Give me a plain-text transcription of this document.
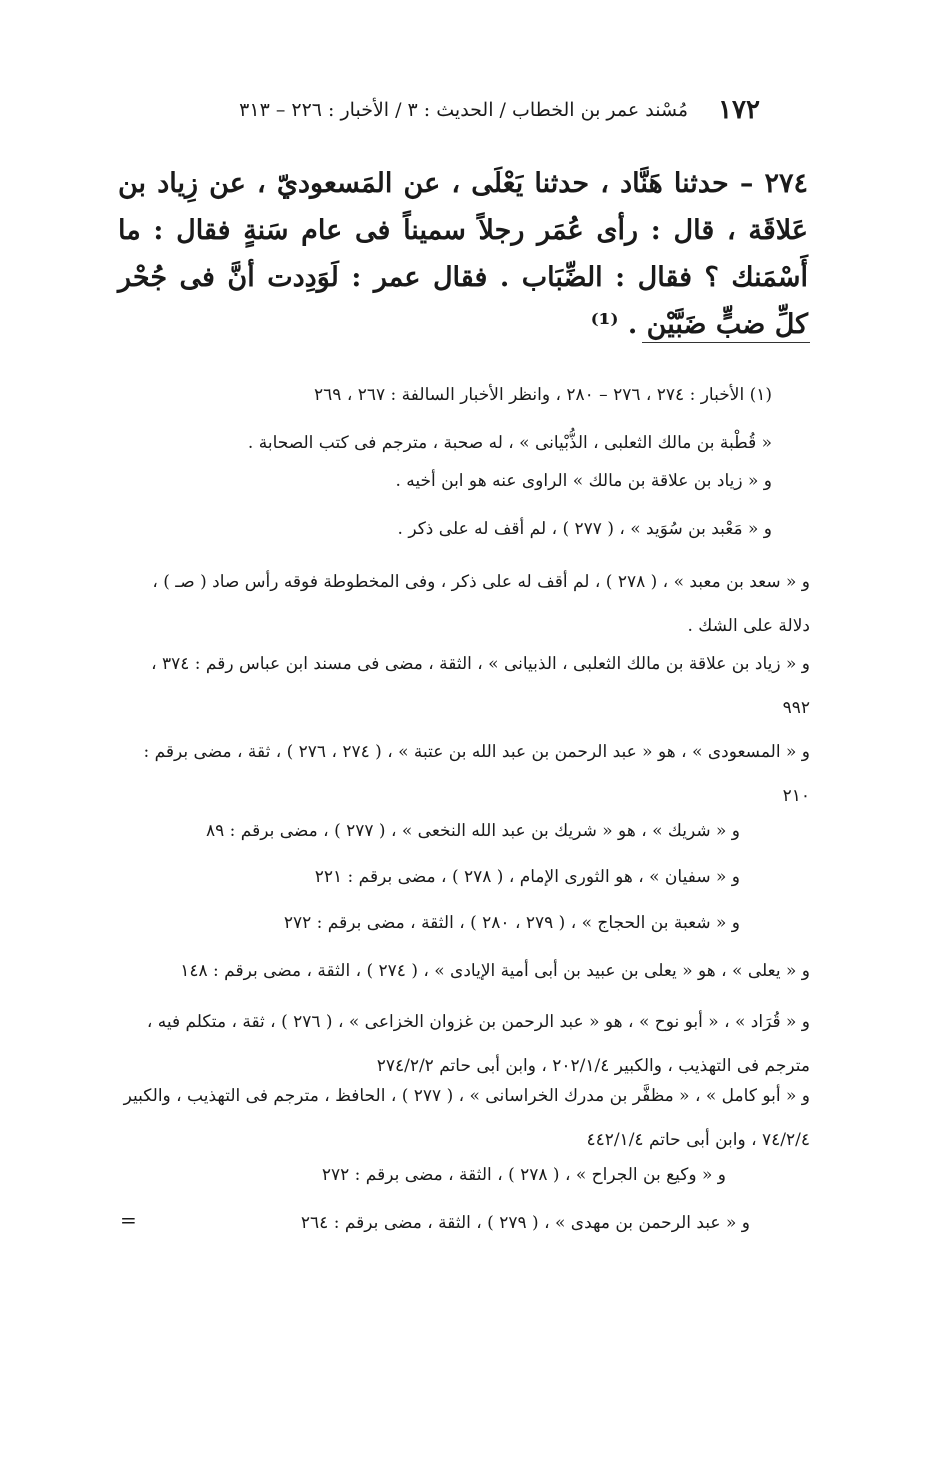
١٧٢
مُسْند عمر بن الخطاب / الحديث : ٣ / الأخبار : ٢٢٦ – ٣١٣
٢٧٤ – حدثنا هَنَّاد ، حدثنا يَعْلَى ، عن المَسعوديّ ، عن زِياد بن عَلاقَة ، قال : رأى عُمَر رجلاً سميناً فى عام سَنةٍ فقال : ما أَسْمَنك ؟ فقال : الضِّبَاب . فقال عمر : لَوَدِدت أنَّ فى جُحْر كلِّ ضبٍّ ضَبَّيْن . ⁽¹⁾
(١) الأخبار : ٢٧٤ ، ٢٧٦ – ٢٨٠ ، وانظر الأخبار السالفة : ٢٦٧ ، ٢٦٩
« قُطْبة بن مالك الثعلبى ، الذُّبْيانى » ، له صحبة ، مترجم فى كتب الصحابة .
و « زياد بن علاقة بن مالك » الراوى عنه هو ابن أخيه .
و « مَعْبد بن سُوَيد » ، ( ٢٧٧ ) ، لم أقف له على ذكر .
و « سعد بن معبد » ، ( ٢٧٨ ) ، لم أقف له على ذكر ، وفى المخطوطة فوقه رأس صاد ( صـ ) ، دلالة على الشك .
و « زياد بن علاقة بن مالك الثعلبى ، الذبيانى » ، الثقة ، مضى فى مسند ابن عباس رقم : ٣٧٤ ، ٩٩٢
و « المسعودى » ، هو « عبد الرحمن بن عبد الله بن عتبة » ، ( ٢٧٤ ، ٢٧٦ ) ، ثقة ، مضى برقم : ٢١٠
و « شريك » ، هو « شريك بن عبد الله النخعى » ، ( ٢٧٧ ) ، مضى برقم : ٨٩
و « سفيان » ، هو الثورى الإمام ، ( ٢٧٨ ) ، مضى برقم : ٢٢١
و « شعبة بن الحجاج » ، ( ٢٧٩ ، ٢٨٠ ) ، الثقة ، مضى برقم : ٢٧٢
و « يعلى » ، هو « يعلى بن عبيد بن أبى أمية الإيادى » ، ( ٢٧٤ ) ، الثقة ، مضى برقم : ١٤٨
و « قُرَاد » ، « أبو نوح » ، هو « عبد الرحمن بن غزوان الخزاعى » ، ( ٢٧٦ ) ، ثقة ، متكلم فيه ، مترجم فى التهذيب ، والكبير ٢٠٢/١/٤ ، وابن أبى حاتم ٢٧٤/٢/٢
و « أبو كامل » ، « مظفَّر بن مدرك الخراسانى » ، ( ٢٧٧ ) ، الحافظ ، مترجم فى التهذيب ، والكبير ٧٤/٢/٤ ، وابن أبى حاتم ٤٤٢/١/٤
و « وكيع بن الجراح » ، ( ٢٧٨ ) ، الثقة ، مضى برقم : ٢٧٢
و « عبد الرحمن بن مهدى » ، ( ٢٧٩ ) ، الثقة ، مضى برقم : ٢٦٤
=
